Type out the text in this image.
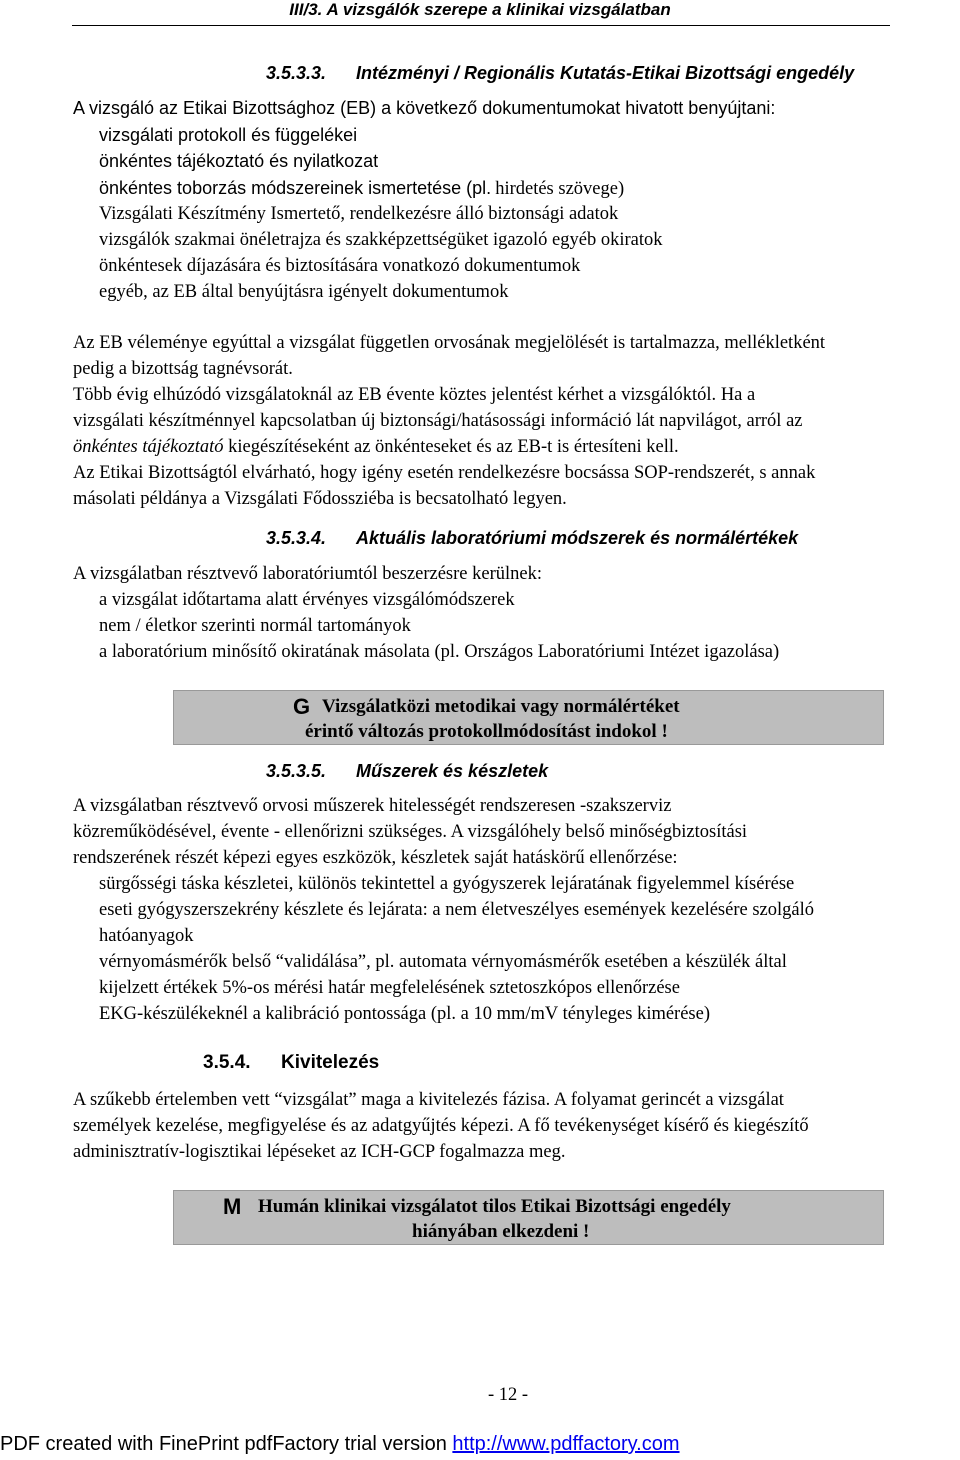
III/3. A vizsgálók szerepe a klinikai vizsgálatban
3.5.3.3. Intézményi / Regionális Kutatás-Etikai Bizottsági engedély
A vizsgáló az Etikai Bizottsághoz (EB) a következő dokumentumokat hivatott benyújtani:
vizsgálati protokoll és függelékei
önkéntes tájékoztató és nyilatkozat
önkéntes toborzás módszereinek ismertetése (pl. hirdetés szövege)
Vizsgálati Készítmény Ismertető, rendelkezésre álló biztonsági adatok
vizsgálók szakmai önéletrajza és szakképzettségüket igazoló egyéb okiratok
önkéntesek díjazására és biztosítására vonatkozó dokumentumok
egyéb, az EB által benyújtásra igényelt dokumentumok
Az EB véleménye egyúttal a vizsgálat független orvosának megjelölését is tartalmazza, mellékletként
pedig a bizottság tagnévsorát.
Több évig elhúzódó vizsgálatoknál az EB évente köztes jelentést kérhet a vizsgálóktól. Ha a
vizsgálati készítménnyel kapcsolatban új biztonsági/hatásossági információ lát napvilágot, arról az
önkéntes tájékoztató kiegészítéseként az önkénteseket és az EB-t is értesíteni kell.
Az Etikai Bizottságtól elvárható, hogy igény esetén rendelkezésre bocsássa SOP-rendszerét, s annak
másolati példánya a Vizsgálati Fődossziéba is becsatolható legyen.
3.5.3.4. Aktuális laboratóriumi módszerek és normálértékek
A vizsgálatban résztvevő laboratóriumtól beszerzésre kerülnek:
a vizsgálat időtartama alatt érvényes vizsgálómódszerek
nem / életkor szerinti normál tartományok
a laboratórium minősítő okiratának másolata (pl. Országos Laboratóriumi Intézet igazolása)
G Vizsgálatközi metodikai vagy normálértéket
érintő változás protokollmódosítást indokol !
3.5.3.5. Műszerek és készletek
A vizsgálatban résztvevő orvosi műszerek hitelességét rendszeresen -szakszerviz
közreműködésével, évente - ellenőrizni szükséges. A vizsgálóhely belső minőségbiztosítási
rendszerének részét képezi egyes eszközök, készletek saját hatáskörű ellenőrzése:
sürgősségi táska készletei, különös tekintettel a gyógyszerek lejáratának figyelemmel kísérése
eseti gyógyszerszekrény készlete és lejárata: a nem életveszélyes események kezelésére szolgáló
hatóanyagok
vérnyomásmérők belső “validálása”, pl. automata vérnyomásmérők esetében a készülék által
kijelzett értékek 5%-os mérési határ megfelelésének sztetoszkópos ellenőrzése
EKG-készülékeknél a kalibráció pontossága (pl. a 10 mm/mV tényleges kimérése)
3.5.4. Kivitelezés
A szűkebb értelemben vett “vizsgálat” maga a kivitelezés fázisa. A folyamat gerincét a vizsgálat
személyek kezelése, megfigyelése és az adatgyűjtés képezi. A fő tevékenységet kísérő és kiegészítő
adminisztratív-logisztikai lépéseket az ICH-GCP fogalmazza meg.
M Humán klinikai vizsgálatot tilos Etikai Bizottsági engedély
hiányában elkezdeni !
- 12 -
PDF created with FinePrint pdfFactory trial version http://www.pdffactory.com
